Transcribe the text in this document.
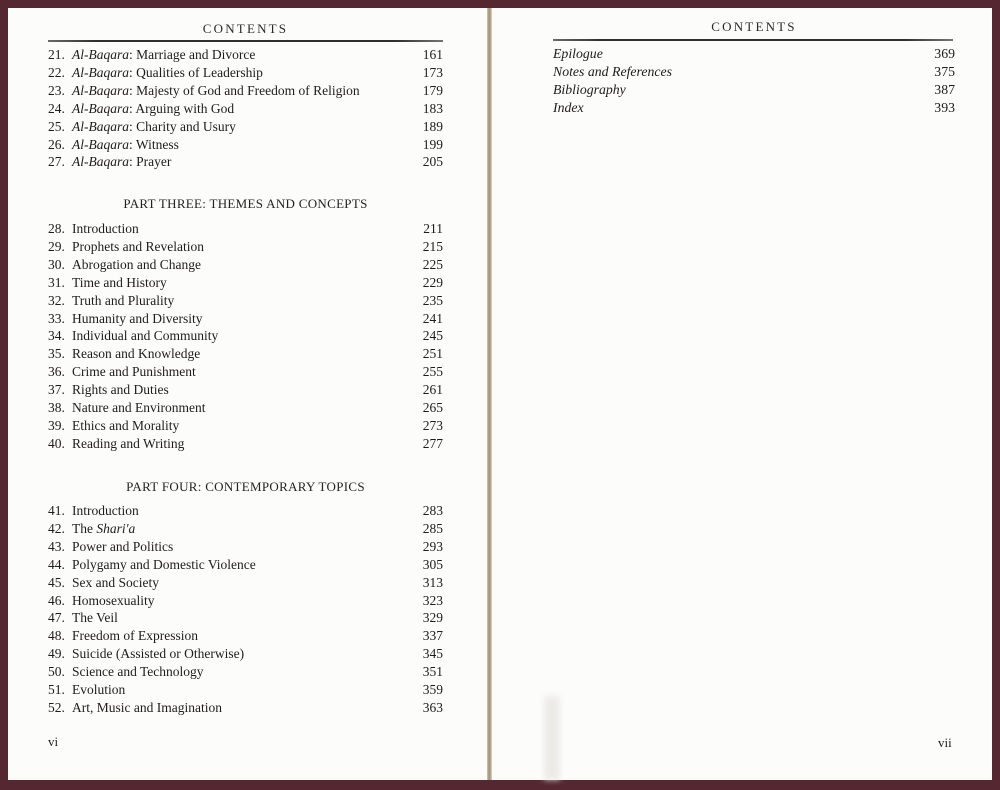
CONTENTS
21. Al-Baqara: Marriage and Divorce	161
22. Al-Baqara: Qualities of Leadership	173
23. Al-Baqara: Majesty of God and Freedom of Religion	179
24. Al-Baqara: Arguing with God	183
25. Al-Baqara: Charity and Usury	189
26. Al-Baqara: Witness	199
27. Al-Baqara: Prayer	205
PART THREE: THEMES AND CONCEPTS
28. Introduction	211
29. Prophets and Revelation	215
30. Abrogation and Change	225
31. Time and History	229
32. Truth and Plurality	235
33. Humanity and Diversity	241
34. Individual and Community	245
35. Reason and Knowledge	251
36. Crime and Punishment	255
37. Rights and Duties	261
38. Nature and Environment	265
39. Ethics and Morality	273
40. Reading and Writing	277
PART FOUR: CONTEMPORARY TOPICS
41. Introduction	283
42. The Shari'a	285
43. Power and Politics	293
44. Polygamy and Domestic Violence	305
45. Sex and Society	313
46. Homosexuality	323
47. The Veil	329
48. Freedom of Expression	337
49. Suicide (Assisted or Otherwise)	345
50. Science and Technology	351
51. Evolution	359
52. Art, Music and Imagination	363
vi
CONTENTS
Epilogue	369
Notes and References	375
Bibliography	387
Index	393
vii
